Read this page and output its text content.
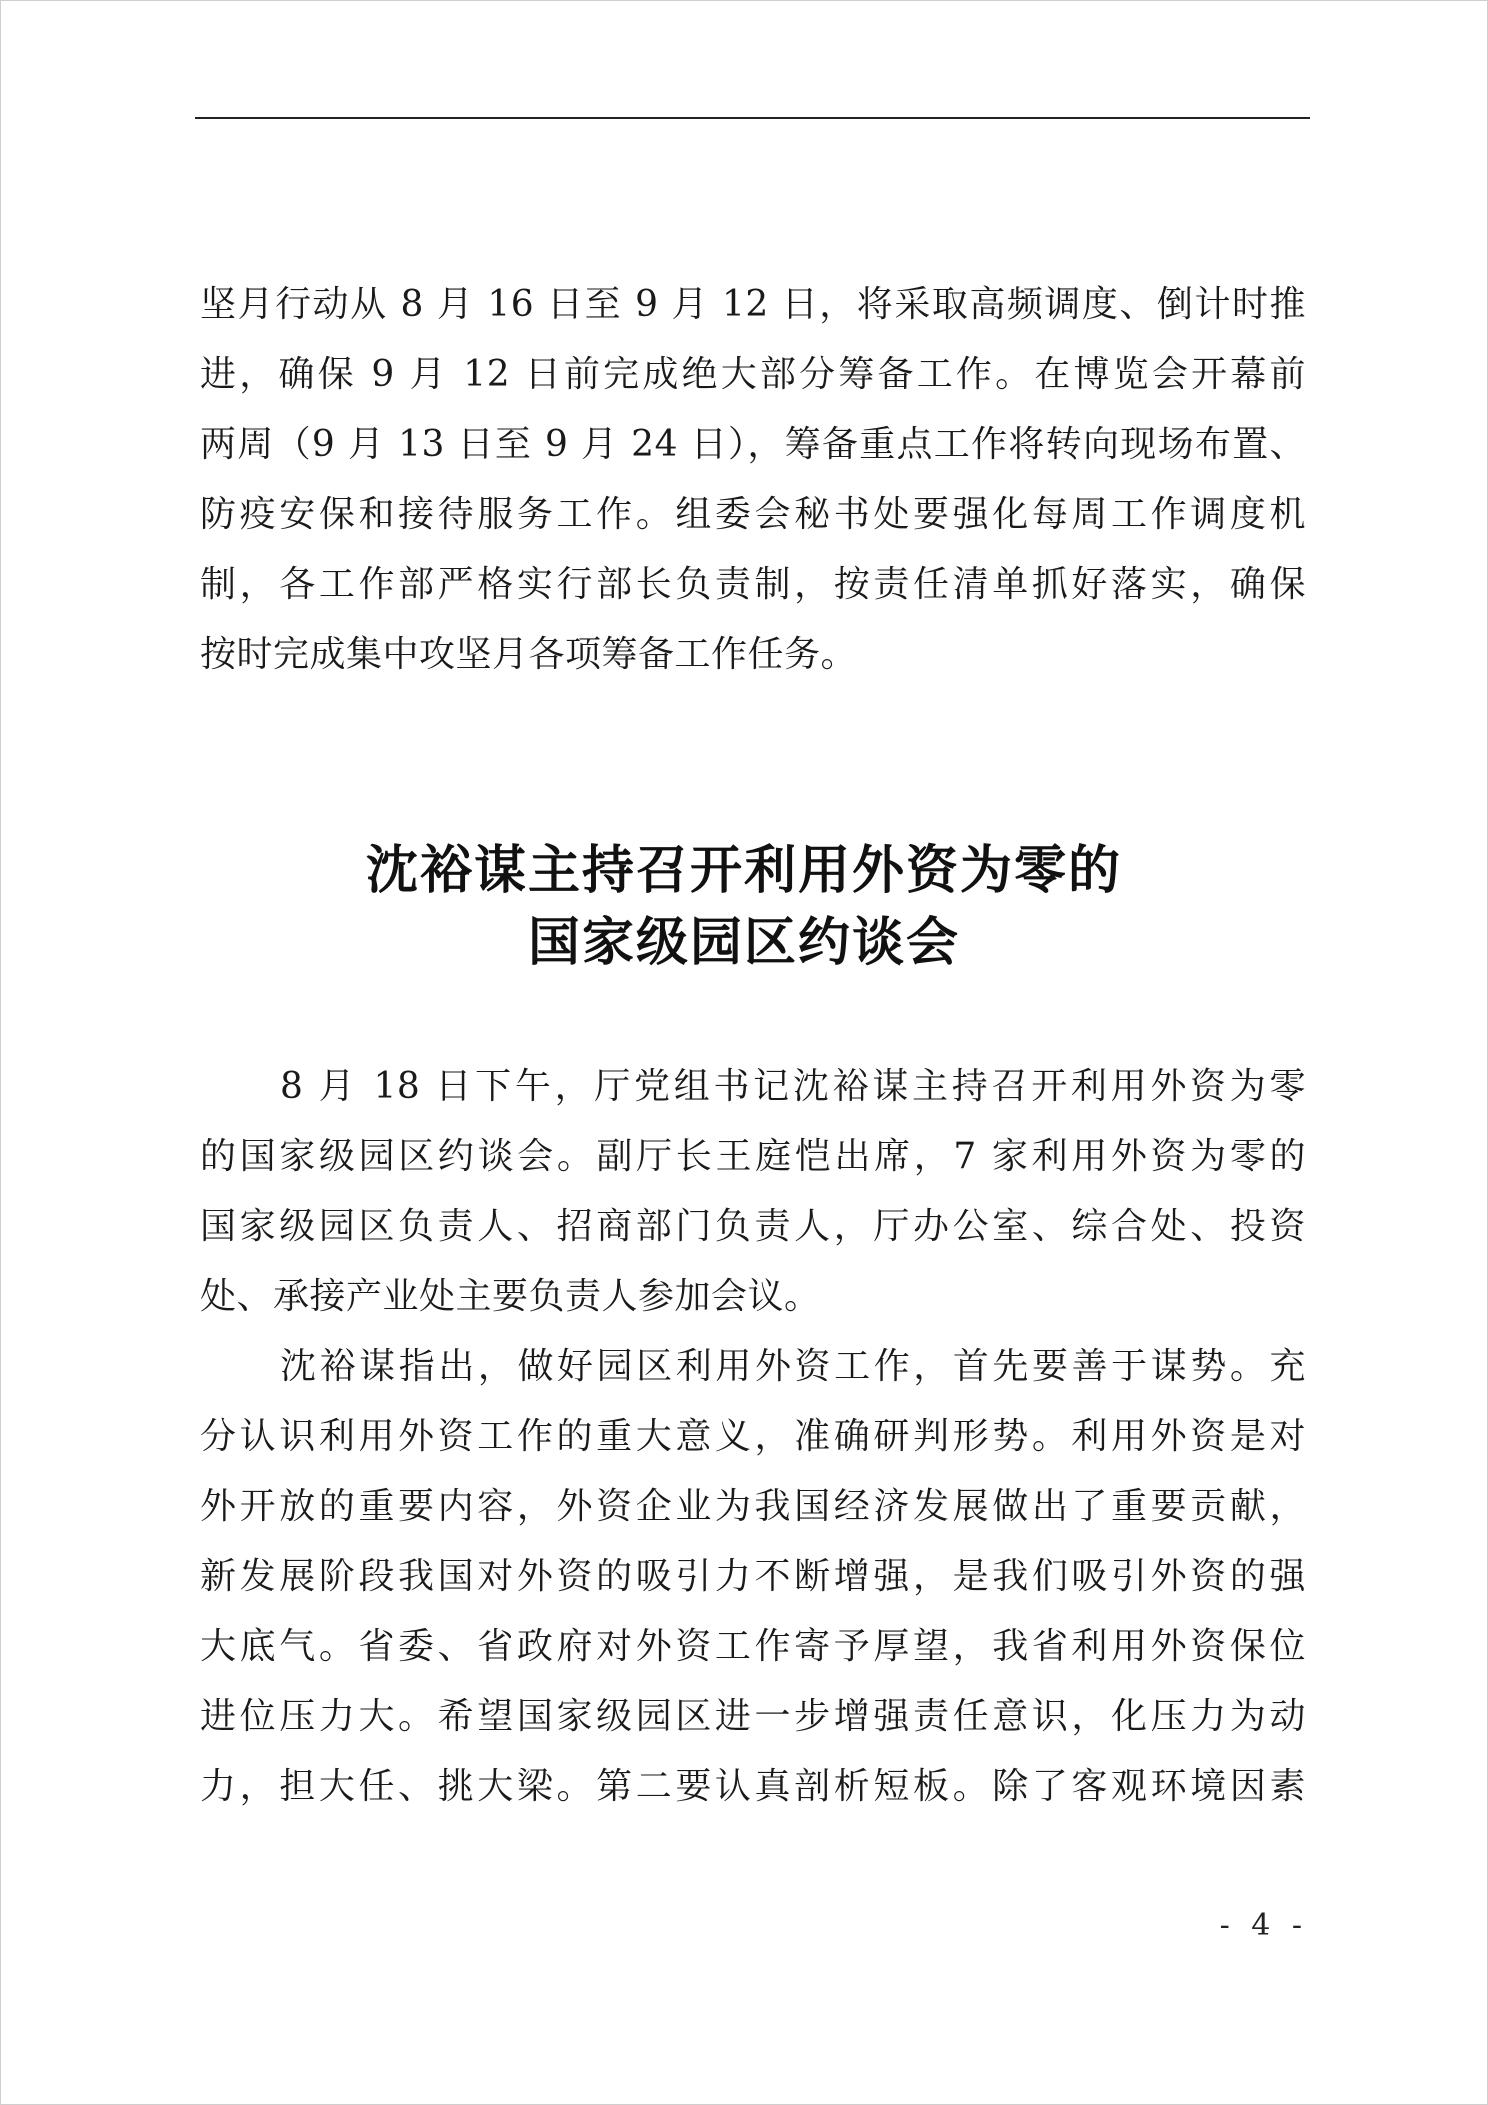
坚月行动从 8 月 16 日至 9 月 12 日，将采取高频调度、倒计时推
进，确保 9 月 12 日前完成绝大部分筹备工作。在博览会开幕前
两周（9 月 13 日至 9 月 24 日），筹备重点工作将转向现场布置、
防疫安保和接待服务工作。组委会秘书处要强化每周工作调度机
制，各工作部严格实行部长负责制，按责任清单抓好落实，确保
按时完成集中攻坚月各项筹备工作任务。
沈裕谋主持召开利用外资为零的
国家级园区约谈会
8 月 18 日下午，厅党组书记沈裕谋主持召开利用外资为零
的国家级园区约谈会。副厅长王庭恺出席，7 家利用外资为零的
国家级园区负责人、招商部门负责人，厅办公室、综合处、投资
处、承接产业处主要负责人参加会议。
沈裕谋指出，做好园区利用外资工作，首先要善于谋势。充
分认识利用外资工作的重大意义，准确研判形势。利用外资是对
外开放的重要内容，外资企业为我国经济发展做出了重要贡献，
新发展阶段我国对外资的吸引力不断增强，是我们吸引外资的强
大底气。省委、省政府对外资工作寄予厚望，我省利用外资保位
进位压力大。希望国家级园区进一步增强责任意识，化压力为动
力，担大任、挑大梁。第二要认真剖析短板。除了客观环境因素
- 4 -
